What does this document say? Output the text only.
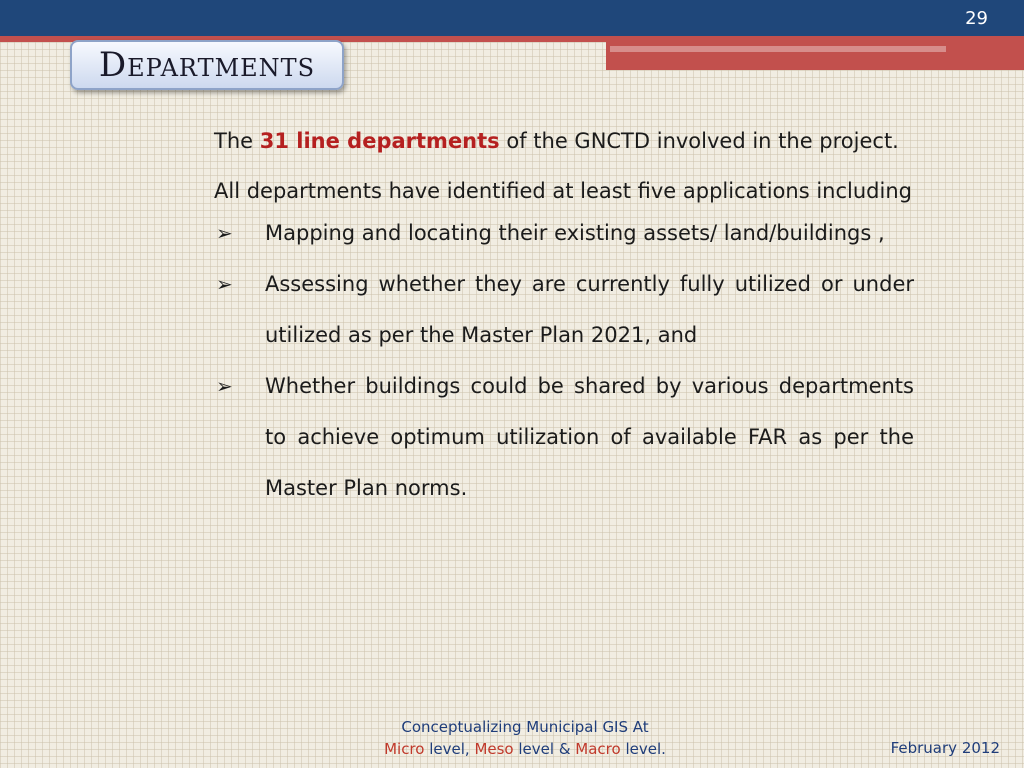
29
Departments

The 31 line departments of the GNCTD involved in the project.

All departments have identified at least five applications including

➢ Mapping and locating their existing assets/ land/buildings ,
➢ Assessing whether they are currently fully utilized or under utilized as per the Master Plan 2021, and
➢ Whether buildings could be shared by various departments to achieve optimum utilization of available FAR as per the Master Plan norms.
Conceptualizing Municipal GIS At
Micro level, Meso level & Macro level.	February 2012
